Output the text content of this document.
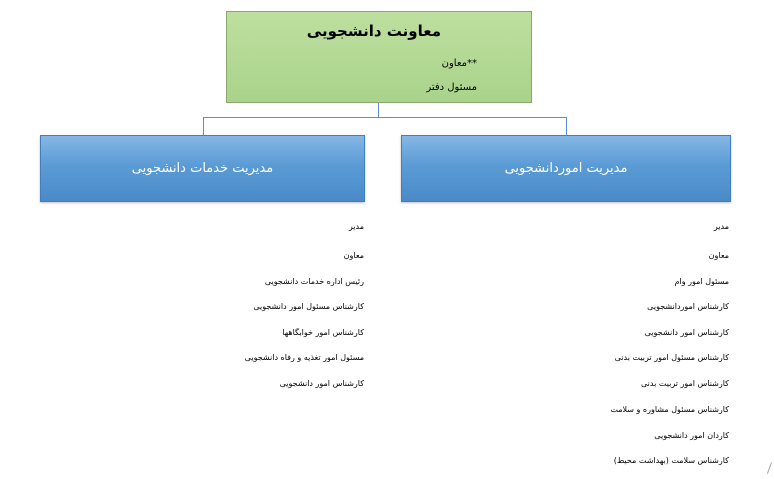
معاونت دانشجویی
**معاون
مسئول دفتر
مدیریت خدمات دانشجویی	مدیریت اموردانشجویی
مدیر
معاون
رئیس اداره خدمات دانشجویی
کارشناس مسئول امور دانشجویی
کارشناس امور خوابگاهها
مسئول امور تغذیه و رفاه دانشجویی
کارشناس امور دانشجویی
مدیر
معاون
مسئول امور وام
کارشناس اموردانشجویی
کارشناس امور دانشجویی
کارشناس مسئول امور تربیت بدنی
کارشناس امور تربیت بدنی
کارشناس مسئول مشاوره و سلامت
کاردان امور دانشجویی
کارشناس سلامت (بهداشت محیط)
